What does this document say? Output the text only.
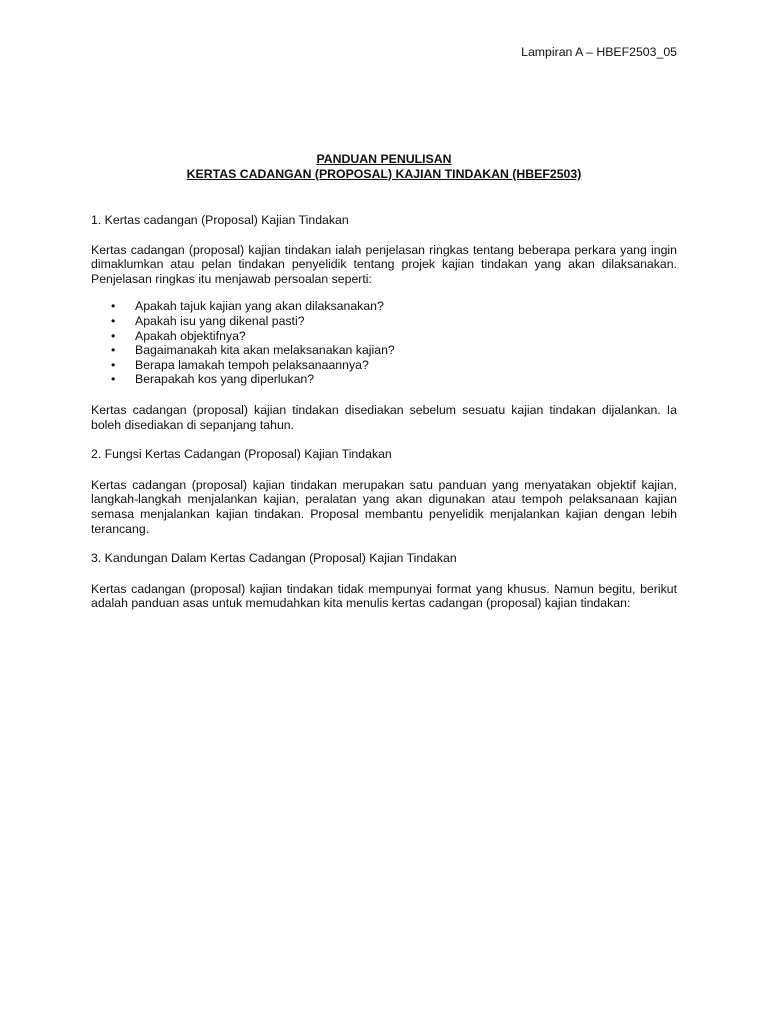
Lampiran A – HBEF2503_05
PANDUAN PENULISAN
KERTAS CADANGAN (PROPOSAL) KAJIAN TINDAKAN (HBEF2503)
1. Kertas cadangan (Proposal) Kajian Tindakan

Kertas cadangan (proposal) kajian tindakan ialah penjelasan ringkas tentang beberapa perkara yang ingin dimaklumkan atau pelan tindakan penyelidik tentang projek kajian tindakan yang akan dilaksanakan. Penjelasan ringkas itu menjawab persoalan seperti:

• Apakah tajuk kajian yang akan dilaksanakan?
• Apakah isu yang dikenal pasti?
• Apakah objektifnya?
• Bagaimanakah kita akan melaksanakan kajian?
• Berapa lamakah tempoh pelaksanaannya?
• Berapakah kos yang diperlukan?

Kertas cadangan (proposal) kajian tindakan disediakan sebelum sesuatu kajian tindakan dijalankan. Ia boleh disediakan di sepanjang tahun.

2. Fungsi Kertas Cadangan (Proposal) Kajian Tindakan

Kertas cadangan (proposal) kajian tindakan merupakan satu panduan yang menyatakan objektif kajian, langkah-langkah menjalankan kajian, peralatan yang akan digunakan atau tempoh pelaksanaan kajian semasa menjalankan kajian tindakan. Proposal membantu penyelidik menjalankan kajian dengan lebih terancang.

3. Kandungan Dalam Kertas Cadangan (Proposal) Kajian Tindakan

Kertas cadangan (proposal) kajian tindakan tidak mempunyai format yang khusus. Namun begitu, berikut adalah panduan asas untuk memudahkan kita menulis kertas cadangan (proposal) kajian tindakan:
